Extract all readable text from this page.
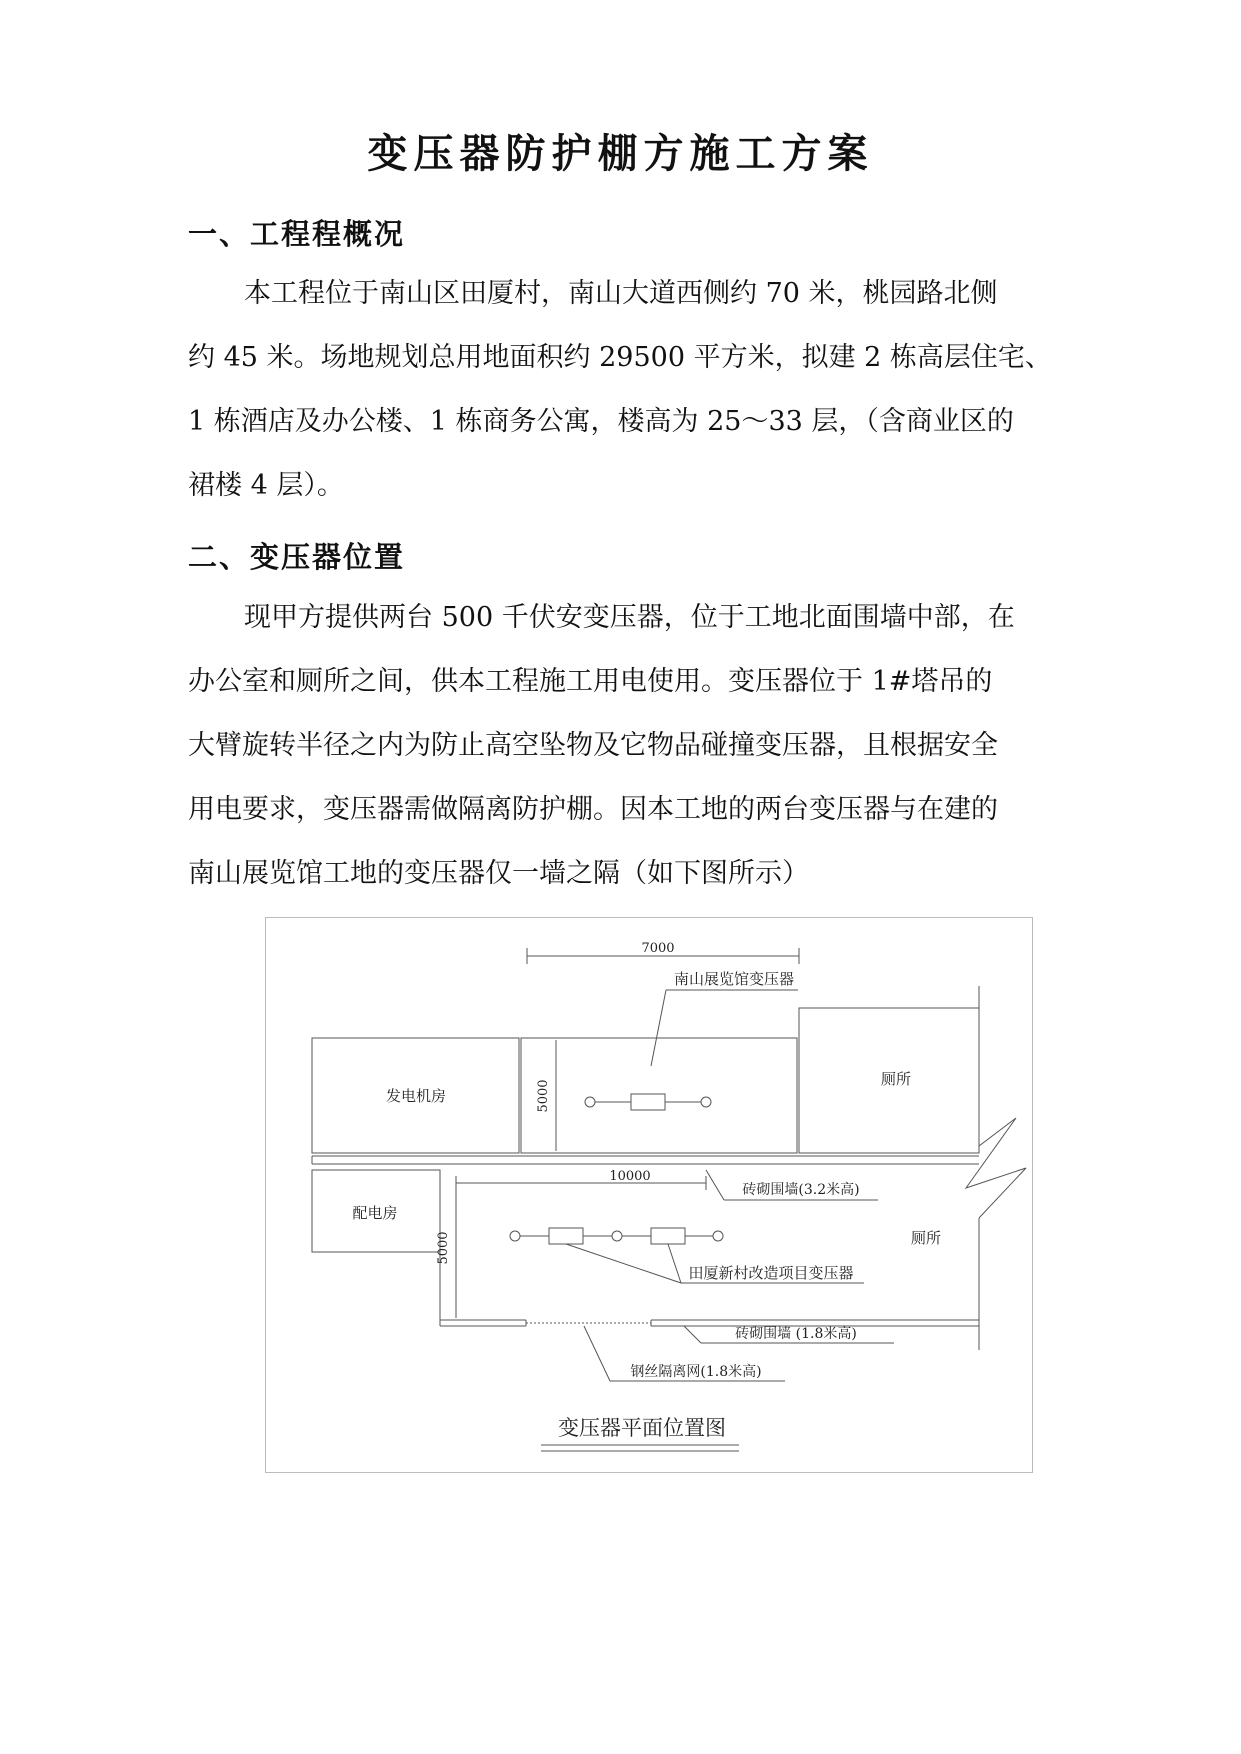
变压器防护棚方施工方案
一、工程程概况

本工程位于南山区田厦村，南山大道西侧约 70 米，桃园路北侧
约 45 米。场地规划总用地面积约 29500 平方米，拟建 2 栋高层住宅、
1 栋酒店及办公楼、1 栋商务公寓，楼高为 25～33 层，（含商业区的
裙楼 4 层）。

二、变压器位置

现甲方提供两台 500 千伏安变压器，位于工地北面围墙中部，在
办公室和厕所之间，供本工程施工用电使用。变压器位于 1#塔吊的
大臂旋转半径之内为防止高空坠物及它物品碰撞变压器，且根据安全
用电要求，变压器需做隔离防护棚。因本工地的两台变压器与在建的
南山展览馆工地的变压器仅一墙之隔（如下图所示）

7000
南山展览馆变压器
发电机房	5000
厕所
砖砌围墙(3.2米高)
配电房
10000
5000
田厦新村改造项目变压器
厕所
砖砌围墙 (1.8米高)
钢丝隔离网(1.8米高)
变压器平面位置图
